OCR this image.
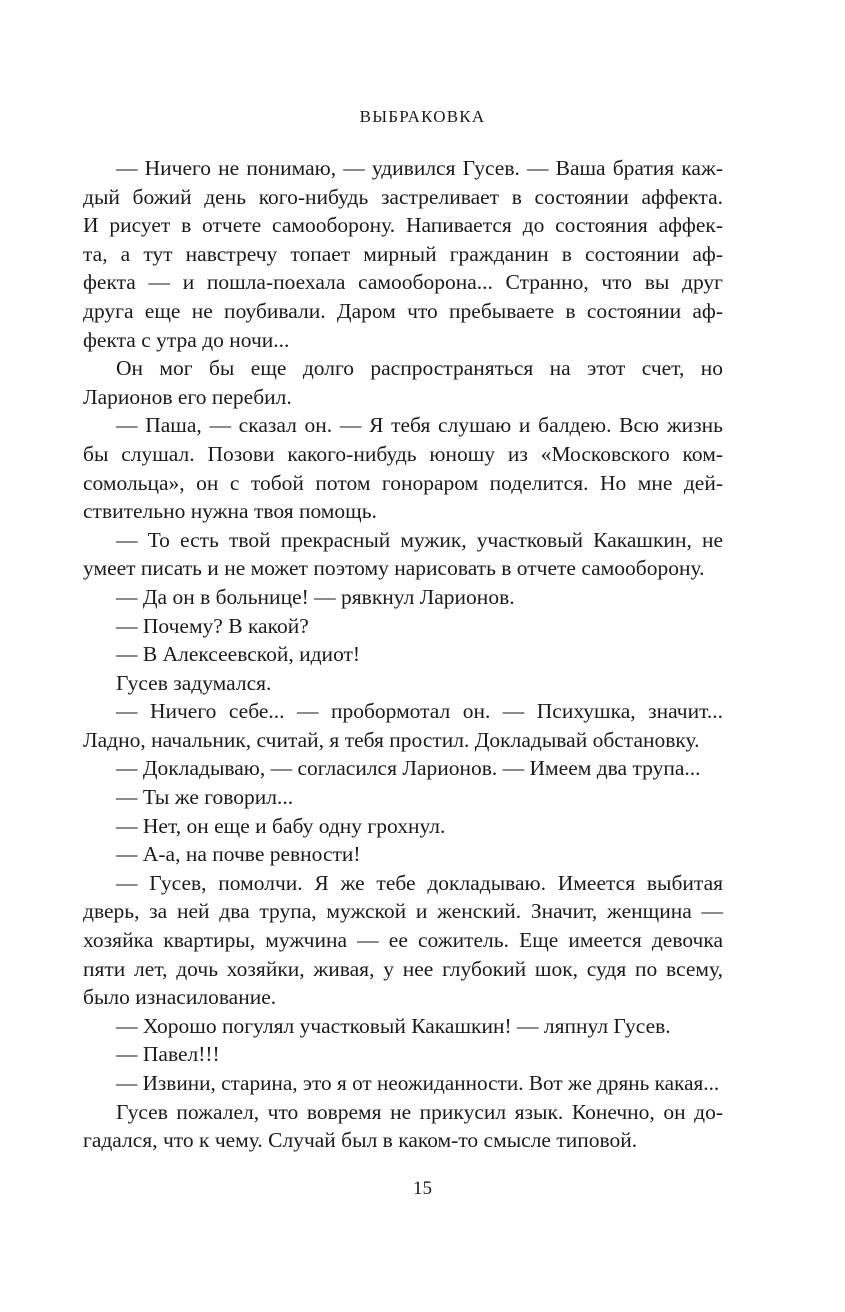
ВЫБРАКОВКА
— Ничего не понимаю, — удивился Гусев. — Ваша братия каж-
дый божий день кого-нибудь застреливает в состоянии аффекта.
И рисует в отчете самооборону. Напивается до состояния аффек-
та, а тут навстречу топает мирный гражданин в состоянии аф-
фекта — и пошла-поехала самооборона... Странно, что вы друг
друга еще не поубивали. Даром что пребываете в состоянии аф-
фекта с утра до ночи...
Он мог бы еще долго распространяться на этот счет, но
Ларионов его перебил.
— Паша, — сказал он. — Я тебя слушаю и балдею. Всю жизнь
бы слушал. Позови какого-нибудь юношу из «Московского ком-
сомольца», он с тобой потом гонораром поделится. Но мне дей-
ствительно нужна твоя помощь.
— То есть твой прекрасный мужик, участковый Какашкин, не
умеет писать и не может поэтому нарисовать в отчете самооборону.
— Да он в больнице! — рявкнул Ларионов.
— Почему? В какой?
— В Алексеевской, идиот!
Гусев задумался.
— Ничего себе... — пробормотал он. — Психушка, значит...
Ладно, начальник, считай, я тебя простил. Докладывай обстановку.
— Докладываю, — согласился Ларионов. — Имеем два трупа...
— Ты же говорил...
— Нет, он еще и бабу одну грохнул.
— А-а, на почве ревности!
— Гусев, помолчи. Я же тебе докладываю. Имеется выбитая
дверь, за ней два трупа, мужской и женский. Значит, женщина —
хозяйка квартиры, мужчина — ее сожитель. Еще имеется девочка
пяти лет, дочь хозяйки, живая, у нее глубокий шок, судя по всему,
было изнасилование.
— Хорошо погулял участковый Какашкин! — ляпнул Гусев.
— Павел!!!
— Извини, старина, это я от неожиданности. Вот же дрянь какая...
Гусев пожалел, что вовремя не прикусил язык. Конечно, он до-
гадался, что к чему. Случай был в каком-то смысле типовой.
15
